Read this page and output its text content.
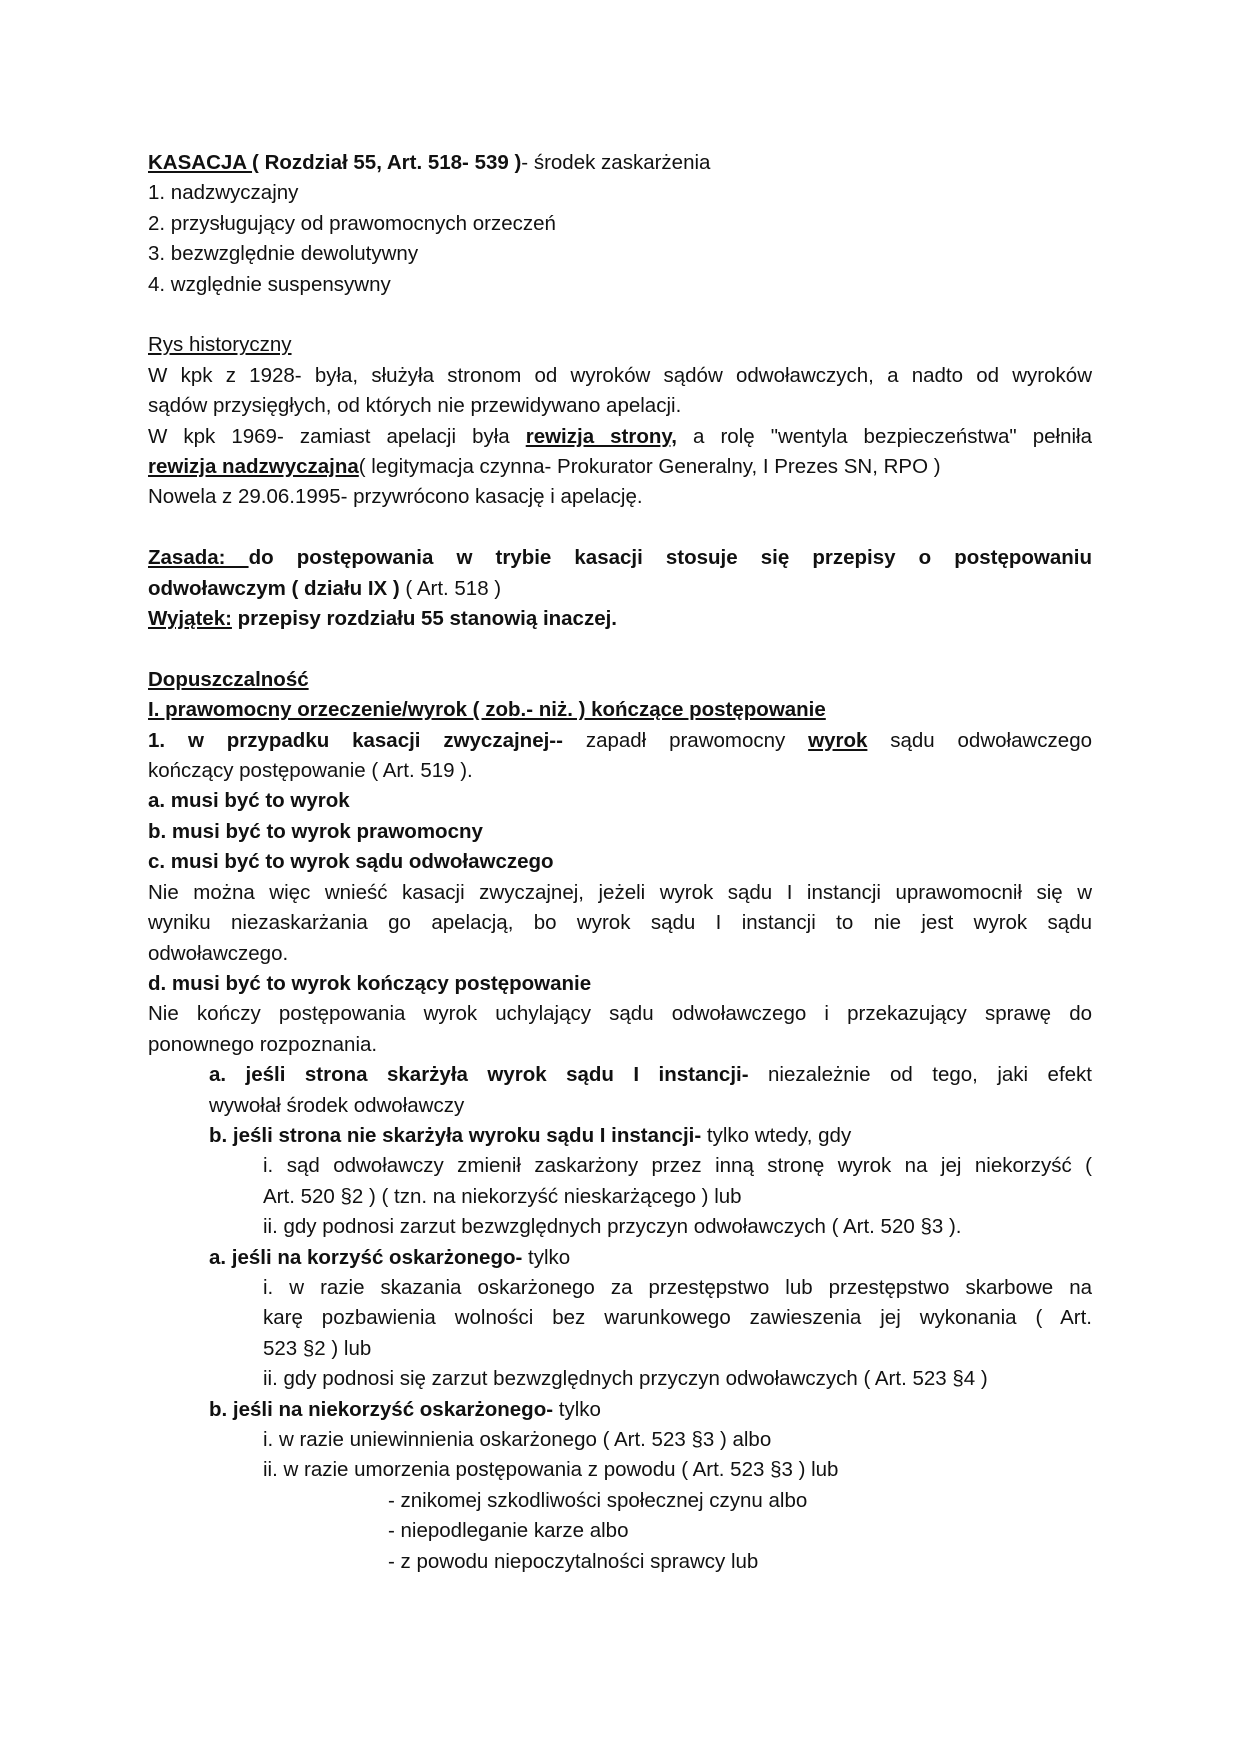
KASACJA ( Rozdział 55, Art. 518- 539 )- środek zaskarżenia
1. nadzwyczajny
2. przysługujący od prawomocnych orzeczeń
3. bezwzględnie dewolutywny
4. względnie suspensywny
Rys historyczny
W kpk z 1928- była, służyła stronom od wyroków sądów odwoławczych, a nadto od wyroków
sądów przysięgłych, od których nie przewidywano apelacji.
W kpk 1969- zamiast apelacji była rewizja strony, a rolę "wentyla bezpieczeństwa" pełniła
rewizja nadzwyczajna( legitymacja czynna- Prokurator Generalny, I Prezes SN, RPO )
Nowela z 29.06.1995- przywrócono kasację i apelację.
Zasada: do postępowania w trybie kasacji stosuje się przepisy o postępowaniu
odwoławczym ( działu IX ) ( Art. 518 )
Wyjątek: przepisy rozdziału 55 stanowią inaczej.
Dopuszczalność
I. prawomocny orzeczenie/wyrok ( zob.- niż. ) kończące postępowanie
1. w przypadku kasacji zwyczajnej-- zapadł prawomocny wyrok sądu odwoławczego
kończący postępowanie ( Art. 519 ).
a. musi być to wyrok
b. musi być to wyrok prawomocny
c. musi być to wyrok sądu odwoławczego
Nie można więc wnieść kasacji zwyczajnej, jeżeli wyrok sądu I instancji uprawomocnił się w
wyniku niezaskarżania go apelacją, bo wyrok sądu I instancji to nie jest wyrok sądu
odwoławczego.
d. musi być to wyrok kończący postępowanie
Nie kończy postępowania wyrok uchylający sądu odwoławczego i przekazujący sprawę do
ponownego rozpoznania.
a. jeśli strona skarżyła wyrok sądu I instancji- niezależnie od tego, jaki efekt
wywołał środek odwoławczy
b. jeśli strona nie skarżyła wyroku sądu I instancji- tylko wtedy, gdy
i. sąd odwoławczy zmienił zaskarżony przez inną stronę wyrok na jej niekorzyść (
Art. 520 §2 ) ( tzn. na niekorzyść nieskarżącego ) lub
ii. gdy podnosi zarzut bezwzględnych przyczyn odwoławczych ( Art. 520 §3 ).
a. jeśli na korzyść oskarżonego- tylko
i. w razie skazania oskarżonego za przestępstwo lub przestępstwo skarbowe na
karę pozbawienia wolności bez warunkowego zawieszenia jej wykonania ( Art.
523 §2 ) lub
ii. gdy podnosi się zarzut bezwzględnych przyczyn odwoławczych ( Art. 523 §4 )
b. jeśli na niekorzyść oskarżonego- tylko
i. w razie uniewinnienia oskarżonego ( Art. 523 §3 ) albo
ii. w razie umorzenia postępowania z powodu ( Art. 523 §3 ) lub
- znikomej szkodliwości społecznej czynu albo
- niepodleganie karze albo
- z powodu niepoczytalności sprawcy lub
